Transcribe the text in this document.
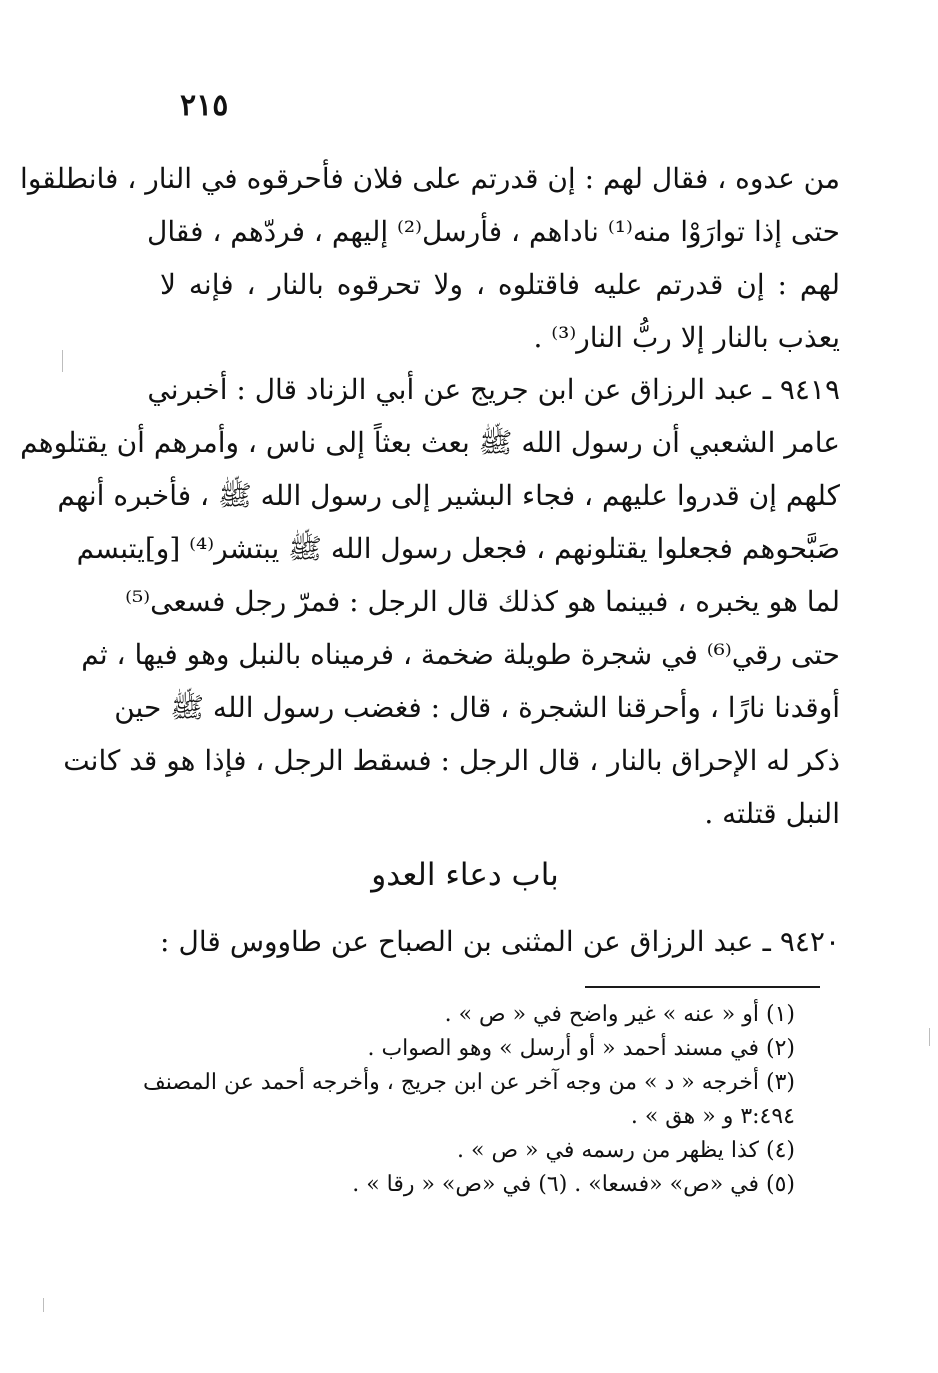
٢١٥
من عدوه ، فقال لهم : إن قدرتم على فلان فأحرقوه في النار ، فانطلقوا
حتى إذا توارَوْا منه⁽¹⁾ ناداهم ، فأرسل⁽²⁾ إليهم ، فردّهم ، فقال
لهم : إن قدرتم عليه فاقتلوه ، ولا تحرقوه بالنار ، فإنه لا
يعذب بالنار إلا ربُّ النار⁽³⁾ .
٩٤١٩ ـ عبد الرزاق عن ابن جريج عن أبي الزناد قال : أخبرني
عامر الشعبي أن رسول الله ﷺ بعث بعثاً إلى ناس ، وأمرهم أن يقتلوهم
كلهم إن قدروا عليهم ، فجاء البشير إلى رسول الله ﷺ ، فأخبره أنهم
صَبَّحوهم فجعلوا يقتلونهم ، فجعل رسول الله ﷺ يبتشر⁽⁴⁾ [و]يتبسم
لما هو يخبره ، فبينما هو كذلك قال الرجل : فمرّ رجل فسعى⁽⁵⁾
حتى رقي⁽⁶⁾ في شجرة طويلة ضخمة ، فرميناه بالنبل وهو فيها ، ثم
أوقدنا نارًا ، وأحرقنا الشجرة ، قال : فغضب رسول الله ﷺ حين
ذكر له الإحراق بالنار ، قال الرجل : فسقط الرجل ، فإذا هو قد كانت
النبل قتلته .
باب دعاء العدو
٩٤٢٠ ـ عبد الرزاق عن المثنى بن الصباح عن طاووس قال :
(١) أو « عنه » غير واضح في « ص » .
(٢) في مسند أحمد « أو أرسل » وهو الصواب .
(٣) أخرجه « د » من وجه آخر عن ابن جريج ، وأخرجه أحمد عن المصنف
٣:٤٩٤ و « هق » .
(٤) كذا يظهر من رسمه في « ص » .
(٥) في «ص» «فسعا» . (٦) في «ص» « رقا » .
